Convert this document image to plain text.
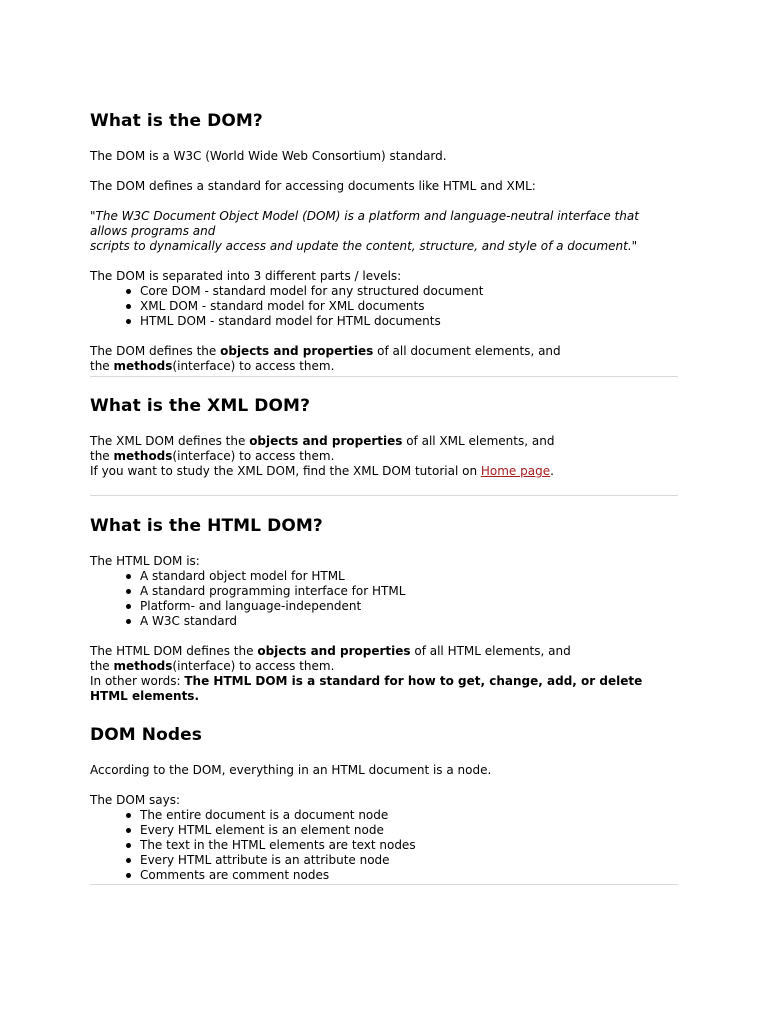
What is the DOM?

The DOM is a W3C (World Wide Web Consortium) standard.

The DOM defines a standard for accessing documents like HTML and XML:

"The W3C Document Object Model (DOM) is a platform and language-neutral interface that

allows programs and

scripts to dynamically access and update the content, structure, and style of a document."

The DOM is separated into 3 different parts / levels:

Core DOM - standard model for any structured document
XML DOM - standard model for XML documents
HTML DOM - standard model for HTML documents

The DOM defines the objects and properties of all document elements, and

the methods(interface) to access them.

What is the XML DOM?

The XML DOM defines the objects and properties of all XML elements, and

the methods(interface) to access them.

If you want to study the XML DOM, find the XML DOM tutorial on Home page.

What is the HTML DOM?

The HTML DOM is:

A standard object model for HTML
A standard programming interface for HTML
Platform- and language-independent
A W3C standard

The HTML DOM defines the objects and properties of all HTML elements, and

the methods(interface) to access them.

In other words: The HTML DOM is a standard for how to get, change, add, or delete

HTML elements.

DOM Nodes

According to the DOM, everything in an HTML document is a node.

The DOM says:

The entire document is a document node
Every HTML element is an element node
The text in the HTML elements are text nodes
Every HTML attribute is an attribute node
Comments are comment nodes
